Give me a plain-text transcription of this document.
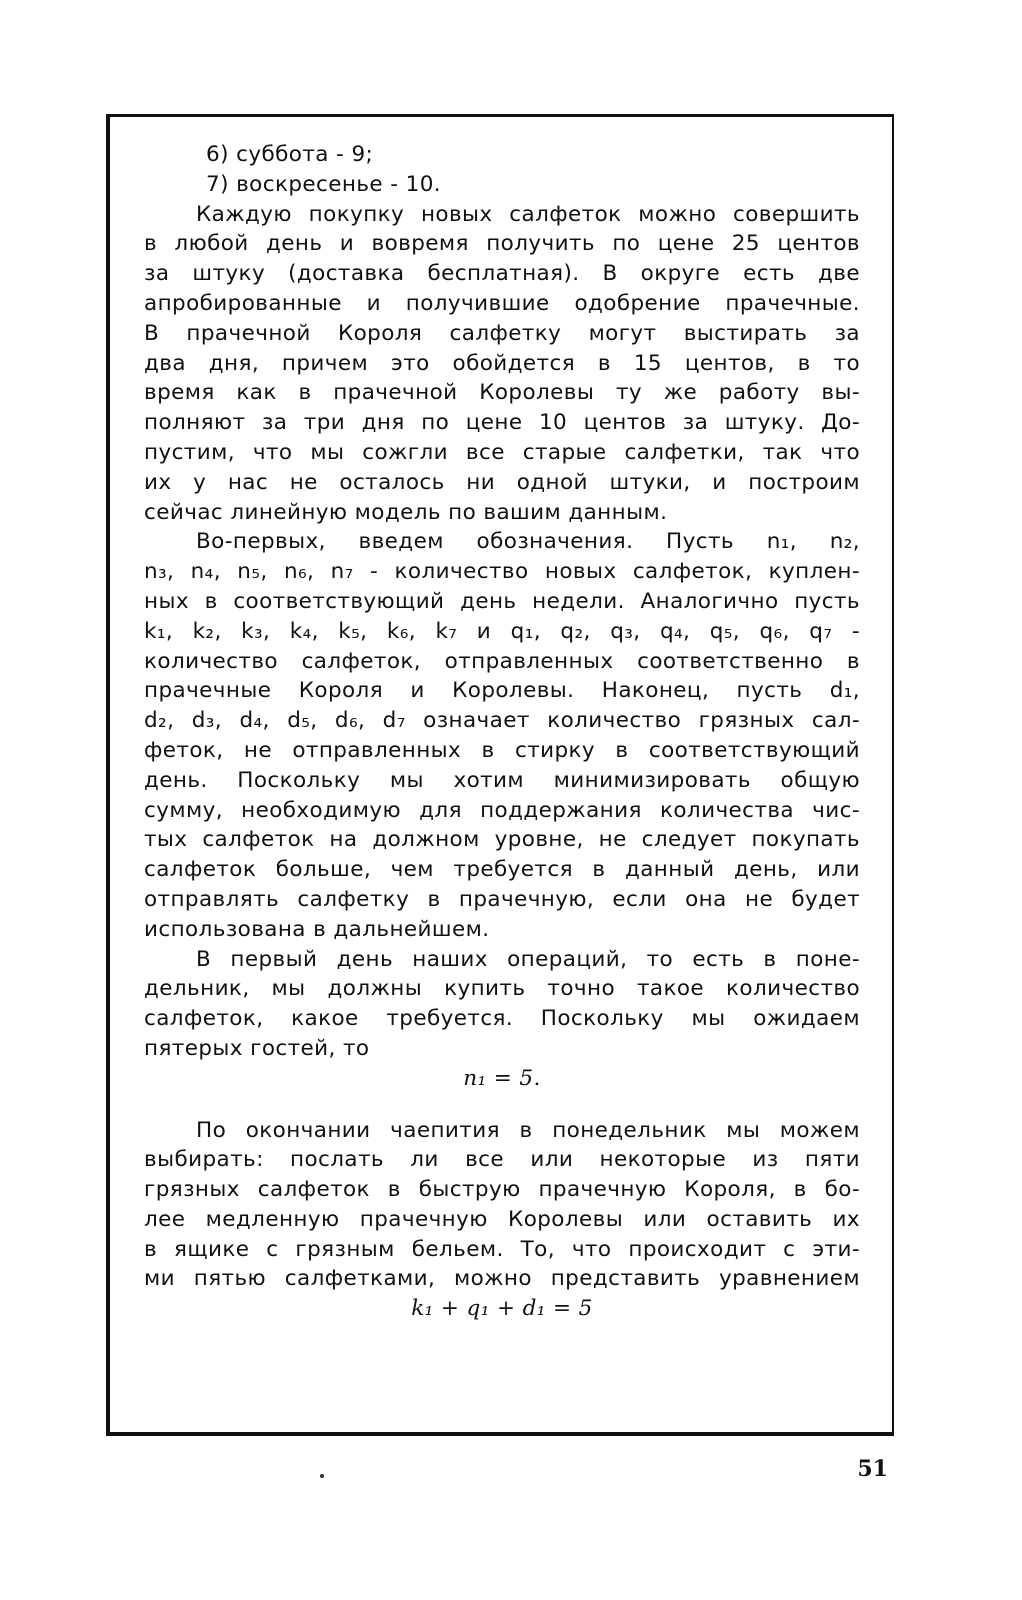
6) суббота - 9;
7) воскресенье - 10.
Каждую покупку новых салфеток можно совершить
в любой день и вовремя получить по цене 25 центов
за штуку (доставка бесплатная). В округе есть две
апробированные и получившие одобрение прачечные.
В прачечной Короля салфетку могут выстирать за
два дня, причем это обойдется в 15 центов, в то
время как в прачечной Королевы ту же работу вы-
полняют за три дня по цене 10 центов за штуку. До-
пустим, что мы сожгли все старые салфетки, так что
их у нас не осталось ни одной штуки, и построим
сейчас линейную модель по вашим данным.
Во-первых, введем обозначения. Пусть n₁, n₂,
n₃, n₄, n₅, n₆, n₇ - количество новых салфеток, куплен-
ных в соответствующий день недели. Аналогично пусть
k₁, k₂, k₃, k₄, k₅, k₆, k₇ и q₁, q₂, q₃, q₄, q₅, q₆, q₇ -
количество салфеток, отправленных соответственно в
прачечные Короля и Королевы. Наконец, пусть d₁,
d₂, d₃, d₄, d₅, d₆, d₇ означает количество грязных сал-
феток, не отправленных в стирку в соответствующий
день. Поскольку мы хотим минимизировать общую
сумму, необходимую для поддержания количества чис-
тых салфеток на должном уровне, не следует покупать
салфеток больше, чем требуется в данный день, или
отправлять салфетку в прачечную, если она не будет
использована в дальнейшем.
В первый день наших операций, то есть в поне-
дельник, мы должны купить точно такое количество
салфеток, какое требуется. Поскольку мы ожидаем
пятерых гостей, то
n₁ = 5.
По окончании чаепития в понедельник мы можем
выбирать: послать ли все или некоторые из пяти
грязных салфеток в быструю прачечную Короля, в бо-
лее медленную прачечную Королевы или оставить их
в ящике с грязным бельем. То, что происходит с эти-
ми пятью салфетками, можно представить уравнением
k₁ + q₁ + d₁ = 5
51
